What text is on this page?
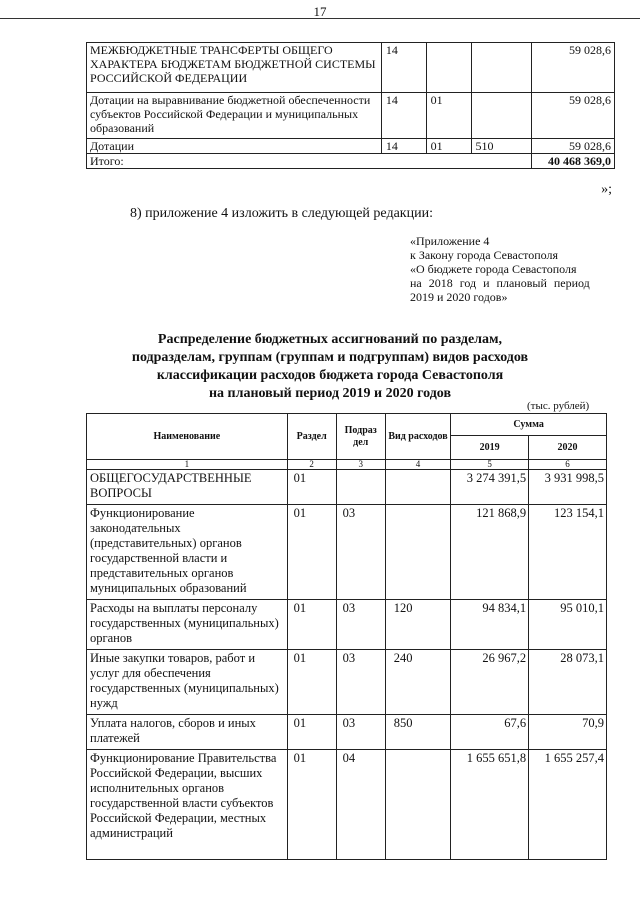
17
МЕЖБЮДЖЕТНЫЕ ТРАНСФЕРТЫ ОБЩЕГО ХАРАКТЕРА БЮДЖЕТАМ БЮДЖЕТНОЙ СИСТЕМЫ РОССИЙСКОЙ ФЕДЕРАЦИИ	14			59 028,6
Дотации на выравнивание бюджетной обеспеченности субъектов Российской Федерации и муниципальных образований	14	01		59 028,6
Дотации	14	01	510	59 028,6
Итого:				40 468 369,0
»;
8) приложение 4 изложить в следующей редакции:
«Приложение 4
к Закону города Севастополя
«О бюджете города Севастополя
на 2018 год и плановый период
2019 и 2020 годов»
Распределение бюджетных ассигнований по разделам,
подразделам, группам (группам и подгруппам) видов расходов
классификации расходов бюджета города Севастополя
на плановый период 2019 и 2020 годов
(тыс. рублей)
Наименование	Раздел	Подраз дел	Вид расходов	Сумма	
				2019	2020
1	2	3	4	5	6
ОБЩЕГОСУДАРСТВЕННЫЕ ВОПРОСЫ	01			3 274 391,5	3 931 998,5
Функционирование законодательных (представительных) органов государственной власти и представительных органов муниципальных образований	01	03		121 868,9	123 154,1
Расходы на выплаты персоналу государственных (муниципальных) органов	01	03	120	94 834,1	95 010,1
Иные закупки товаров, работ и услуг для обеспечения государственных (муниципальных) нужд	01	03	240	26 967,2	28 073,1
Уплата налогов, сборов и иных платежей	01	03	850	67,6	70,9
Функционирование Правительства Российской Федерации, высших исполнительных органов государственной власти субъектов Российской Федерации, местных администраций	01	04		1 655 651,8	1 655 257,4
